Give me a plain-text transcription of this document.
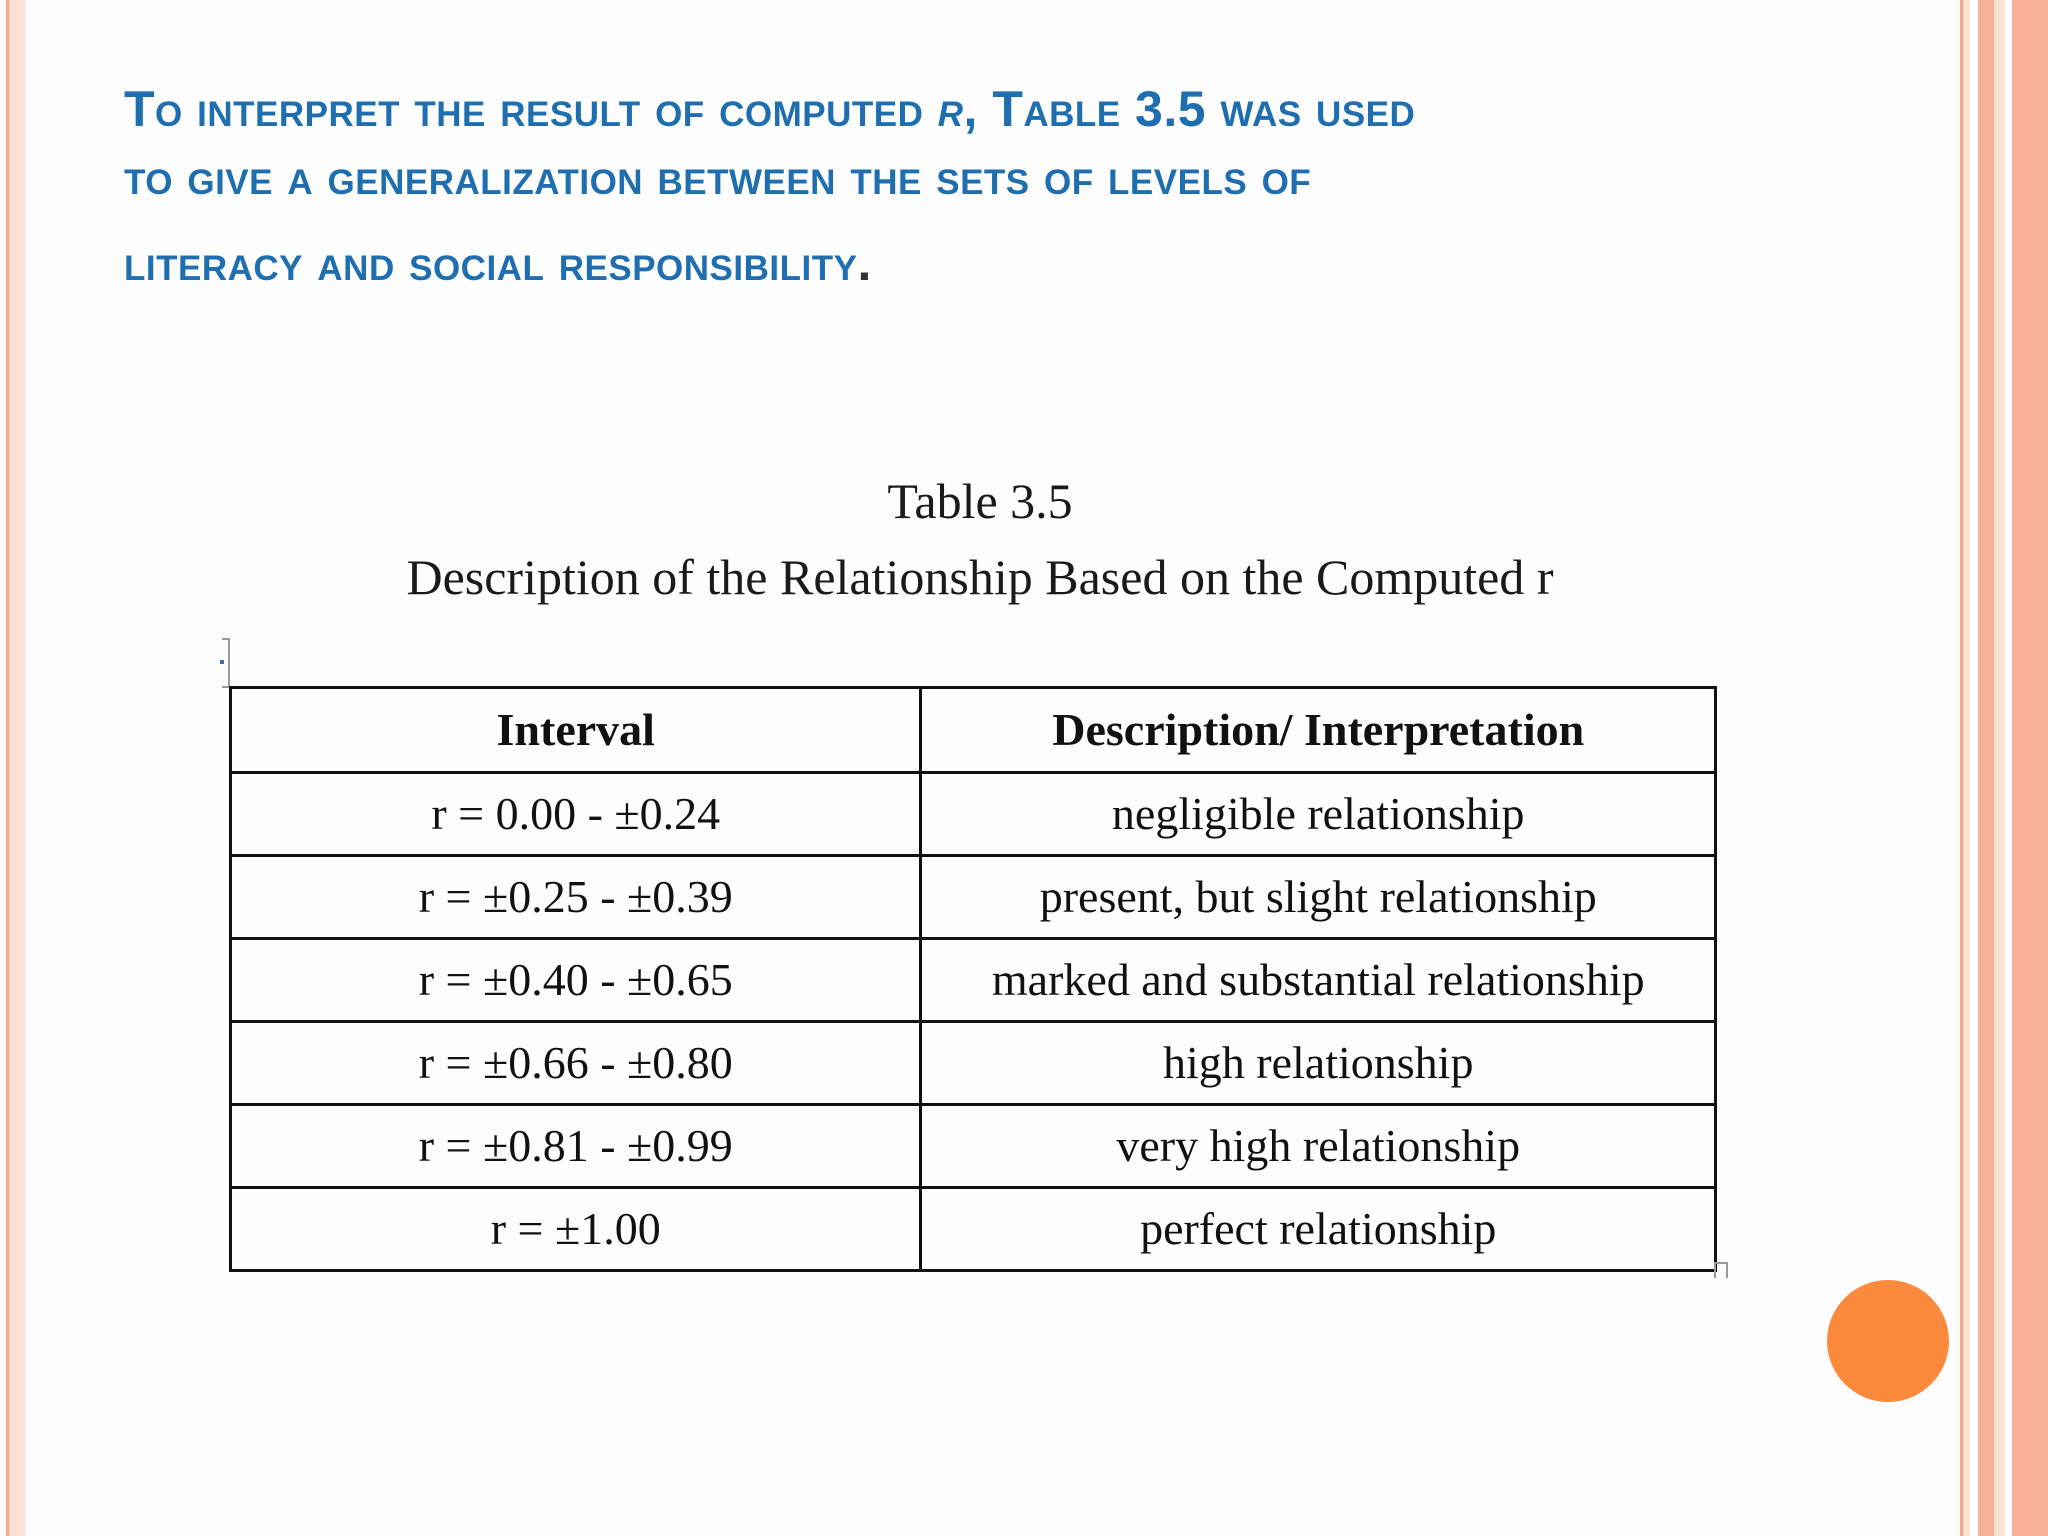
To interpret the result of computed r, Table 3.5 was used
to give a generalization between the sets of levels of
literacy and social responsibility.
Table 3.5
Description of the Relationship Based on the Computed r
Interval	Description/ Interpretation
r = 0.00 - ±0.24	negligible relationship
r = ±0.25 - ±0.39	present, but slight relationship
r = ±0.40 - ±0.65	marked and substantial relationship
r = ±0.66 - ±0.80	high relationship
r = ±0.81 - ±0.99	very high relationship
r = ±1.00	perfect relationship
